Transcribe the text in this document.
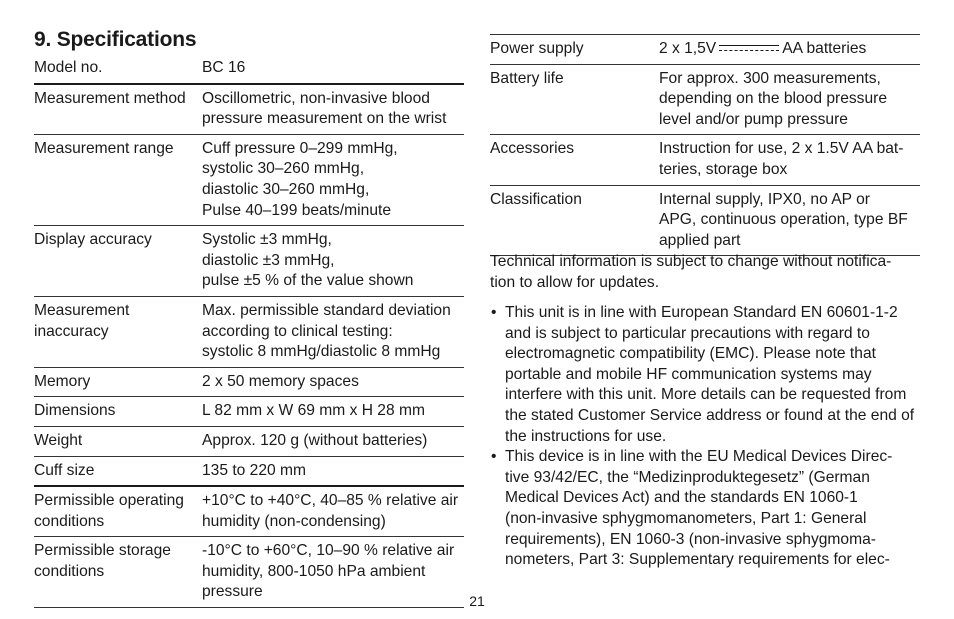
9. Specifications
Model no.	BC 16
Measurement method	Oscillometric, non-invasive blood pressure measurement on the wrist
Measurement range	Cuff pressure 0–299 mmHg,
systolic 30–260 mmHg,
diastolic 30–260 mmHg,
Pulse 40–199 beats/minute
Display accuracy	Systolic ±3 mmHg,
diastolic ±3 mmHg,
pulse ±5 % of the value shown
Measurement inaccuracy	Max. permissible standard deviation according to clinical testing:
systolic 8 mmHg/diastolic 8 mmHg
Memory	2 x 50 memory spaces
Dimensions	L 82 mm x W 69 mm x H 28 mm
Weight	Approx. 120 g (without batteries)
Cuff size	135 to 220 mm
Permissible operating conditions	+10°C to +40°C, 40–85 % relative air humidity (non-condensing)
Permissible storage conditions	-10°C to +60°C, 10–90 % relative air humidity, 800-1050 hPa ambient pressure
Power supply	2 x 1,5V AA batteries
Battery life	For approx. 300 measurements, depending on the blood pressure level and/or pump pressure
Accessories	Instruction for use, 2 x 1.5V AA bat-
teries, storage box
Classification	Internal supply, IPX0, no AP or
APG, continuous operation, type BF
applied part

Technical information is subject to change without notifica-
tion to allow for updates.

• This unit is in line with European Standard EN 60601-1-2 and is subject to particular precautions with regard to electromagnetic compatibility (EMC). Please note that portable and mobile HF communication systems may interfere with this unit. More details can be requested from the stated Customer Service address or found at the end of the instructions for use.
• This device is in line with the EU Medical Devices Direc-
tive 93/42/EC, the “Medizinproduktegesetz” (German Medical Devices Act) and the standards EN 1060-1
(non-invasive sphygmomanometers, Part 1: General requirements), EN 1060-3 (non-invasive sphygmoma-
nometers, Part 3: Supplementary requirements for elec-
21
